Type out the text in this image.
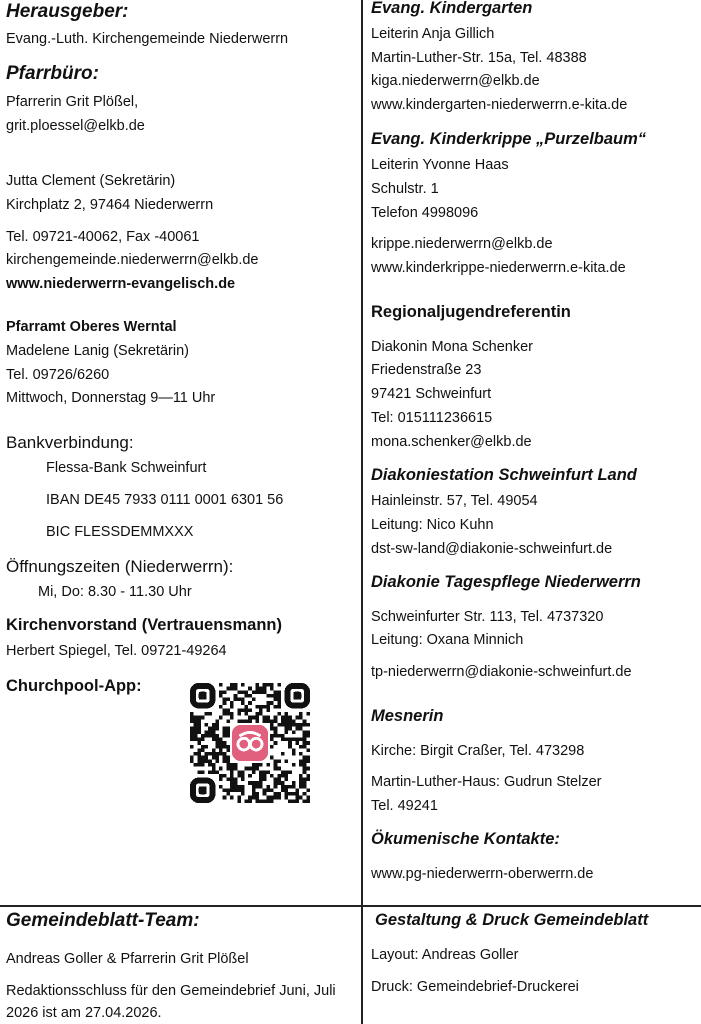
Herausgeber:
Evang.-Luth. Kirchengemeinde Niederwerrn
Pfarrbüro:
Pfarrerin Grit Plößel,
grit.ploessel@elkb.de
Jutta Clement (Sekretärin)
Kirchplatz 2, 97464 Niederwerrn
Tel. 09721-40062, Fax -40061
kirchengemeinde.niederwerrn@elkb.de
www.niederwerrn-evangelisch.de
Pfarramt Oberes Werntal
Madelene Lanig (Sekretärin)
Tel. 09726/6260
Mittwoch, Donnerstag 9—11 Uhr
Bankverbindung:
Flessa-Bank Schweinfurt
IBAN DE45 7933 0111 0001 6301 56
BIC FLESSDEMMXXX
Öffnungszeiten (Niederwerrn):
Mi, Do: 8.30 - 11.30 Uhr
Kirchenvorstand (Vertrauensmann)
Herbert Spiegel, Tel. 09721-49264
Churchpool-App:
Evang. Kindergarten
Leiterin Anja Gillich
Martin-Luther-Str. 15a, Tel. 48388
kiga.niederwerrn@elkb.de
www.kindergarten-niederwerrn.e-kita.de
Evang. Kinderkrippe „Purzelbaum“
Leiterin Yvonne Haas
Schulstr. 1
Telefon 4998096
krippe.niederwerrn@elkb.de
www.kinderkrippe-niederwerrn.e-kita.de
Regionaljugendreferentin
Diakonin Mona Schenker
Friedenstraße 23
97421 Schweinfurt
Tel: 015111236615
mona.schenker@elkb.de
Diakoniestation Schweinfurt Land
Hainleinstr. 57, Tel. 49054
Leitung: Nico Kuhn
dst-sw-land@diakonie-schweinfurt.de
Diakonie Tagespflege Niederwerrn
Schweinfurter Str. 113, Tel. 4737320
Leitung: Oxana Minnich
tp-niederwerrn@diakonie-schweinfurt.de
Mesnerin
Kirche: Birgit Craßer, Tel. 473298
Martin-Luther-Haus: Gudrun Stelzer
Tel. 49241
Ökumenische Kontakte:
www.pg-niederwerrn-oberwerrn.de
Gemeindeblatt-Team:
Andreas Goller & Pfarrerin Grit Plößel
Redaktionsschluss für den Gemeindebrief Juni, Juli
2026 ist am 27.04.2026.
Gestaltung & Druck Gemeindeblatt
Layout: Andreas Goller
Druck: Gemeindebrief-Druckerei
